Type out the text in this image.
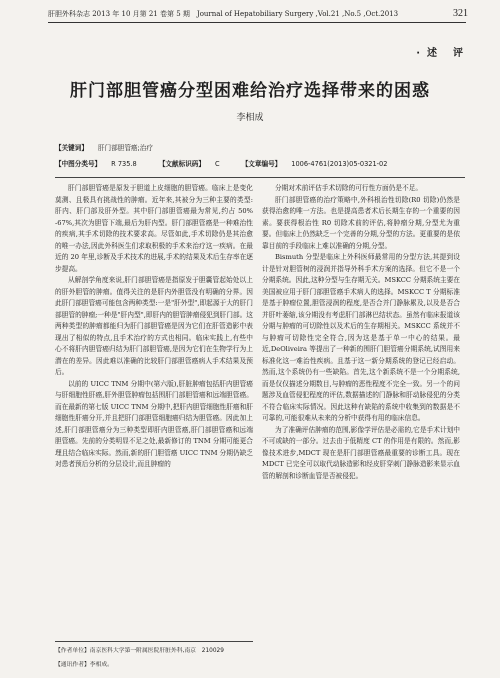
肝胆外科杂志 2013 年 10 月第 21 卷第 5 期　Journal of Hepatobiliary Surgery ,Vol.21 ,No.5 ,Oct.2013	321
· 述　评
肝门部胆管癌分型困难给治疗选择带来的困惑
李相成
【关键词】 肝门部胆管癌;治疗
【中图分类号】 R 735.8	【文献标识码】 C	【文章编号】 1006-4761(2013)05-0321-02

肝门部胆管癌是原发于胆道上皮细胞的胆管癌。临床上是变化莫测、且极具有挑战性的肿瘤。近年来,其被分为三种主要的类型:肝内、肝门部及肝外型。其中肝门部胆管癌最为常见,约占 50% -67%,其次为胆管下端,最后为肝内型。肝门部胆管癌是一种难治性的疾病,其手术切除的技术要求高。尽管如此,手术切除仍是其治愈的唯一办法,因此外科医生们求取积极的手术来治疗这一疾病。在最近的 20 年里,诊断及手术技术的进展,手术的结果及术后生存率在逐步提高。

从解剖学角度来说,肝门部胆管癌是指原发于胆囊管起始处以上的肝外胆管的肿瘤。值得关注的是肝内外胆管没有明确的分界。因此肝门部胆管癌可能包含两种类型:一是"肝外型",即起源于大的肝门部胆管的肿瘤;一种是"肝内型",即肝内的胆管肿瘤侵犯到肝门部。这两种类型的肿瘤都能归为肝门部胆管癌是因为它们在肝管造影中表现出了相似的特点,且手术治疗的方式也相同。临床实践上,有些中心不将肝内胆管癌归结为肝门部胆管癌,是因为它们在生物学行为上潜在的差异。因此难以准确的比较肝门部胆管癌病人手术结果及预后。

以前的 UICC TNM 分期中(第六版),肝脏肿瘤包括肝内胆管癌与肝细胞性肝癌,肝外胆管肿瘤包括围肝门部胆管癌和远端胆管癌。而在最新的第七版 UICC TNM 分期中,把肝内胆管细胞性肝癌和肝细胞性肝癌分开,并且把肝门部胆管细胞癌归结为胆管癌。因此加上述,肝门部胆管癌分为三种类型即肝内胆管癌,肝门部胆管癌和远端胆管癌。先前的分类明显不足之处,最新修订的 TNM 分期可能更合理且结合临床实际。然而,新的肝门胆管癌 UICC TNM 分期仍缺乏对患者预后分析的分层设计,而且肿瘤的

分期对术前评估手术切除的可行性方面仍是不足。

肝门部胆管癌的治疗策略中,外科根治性切除(R0 切除)仍然是获得治愈的唯一方法。也是提高患者术后长期生存的一个重要的因素。要获得根治性 R0 切除术前的评估,将肿瘤分期,分型尤为重要。但临床上仍然缺乏一个完善的分期,分型的方法。更重要的是依靠目前的手段临床上难以准确的分期,分型。

Bismuth 分型是临床上外科医师最常用的分型方法,其提到设计是针对胆管树的浸润并指导外科手术方案的选择。但它不是一个分期系统。因此,这种分型与生存期无关。MSKCC 分期系统主要在美国被应用于肝门部胆管癌手术病人的选择。MSKCC T 分期标准是基于肿瘤位置,胆管浸润的程度,是否合并门静脉累及,以及是否合并肝叶萎缩,该分期没有考虑肝门部淋巴结状态。虽然有临床报道该分期与肿瘤的可切除性以及术后的生存期相关。MSKCC 系统并不与肿瘤可切除性完全符合,因为这是基于单一中心的结果。最近,DeOliveira 等提出了一种新的围肝门胆管癌分期系统,试图用来标准化这一难治性疾病。且基于这一新分期系统的登记已经启动。然而,这个系统仍有一些缺陷。首先,这个新系统不是一个分期系统,而是仅仅描述分期数目,与肿瘤的恶性程度不完全一致。另一个的问题涉及血管侵犯程度的评估,数据描述的门静脉和肝动脉侵犯的分类不符合临床实际情况。因此这种有缺陷的系统中收集到的数据是不可靠的,可能很难从未来的分析中获得有用的临床信息。

为了准确评估肿瘤的范围,影像学评估是必需的,它是手术计划中不可或缺的一部分。过去由于低精度 CT 的作用是有限的。然而,影像技术进步,MDCT 现在是肝门部胆管癌最重要的诊断工具。现在 MDCT 已完全可以取代动脉造影和经皮肝穿刺门静脉造影来显示血管的解剖和诊断血管是否被侵犯。

【作者单位】南京医科大学第一附属医院肝脏外科,南京　210029
【通讯作者】李相成。
